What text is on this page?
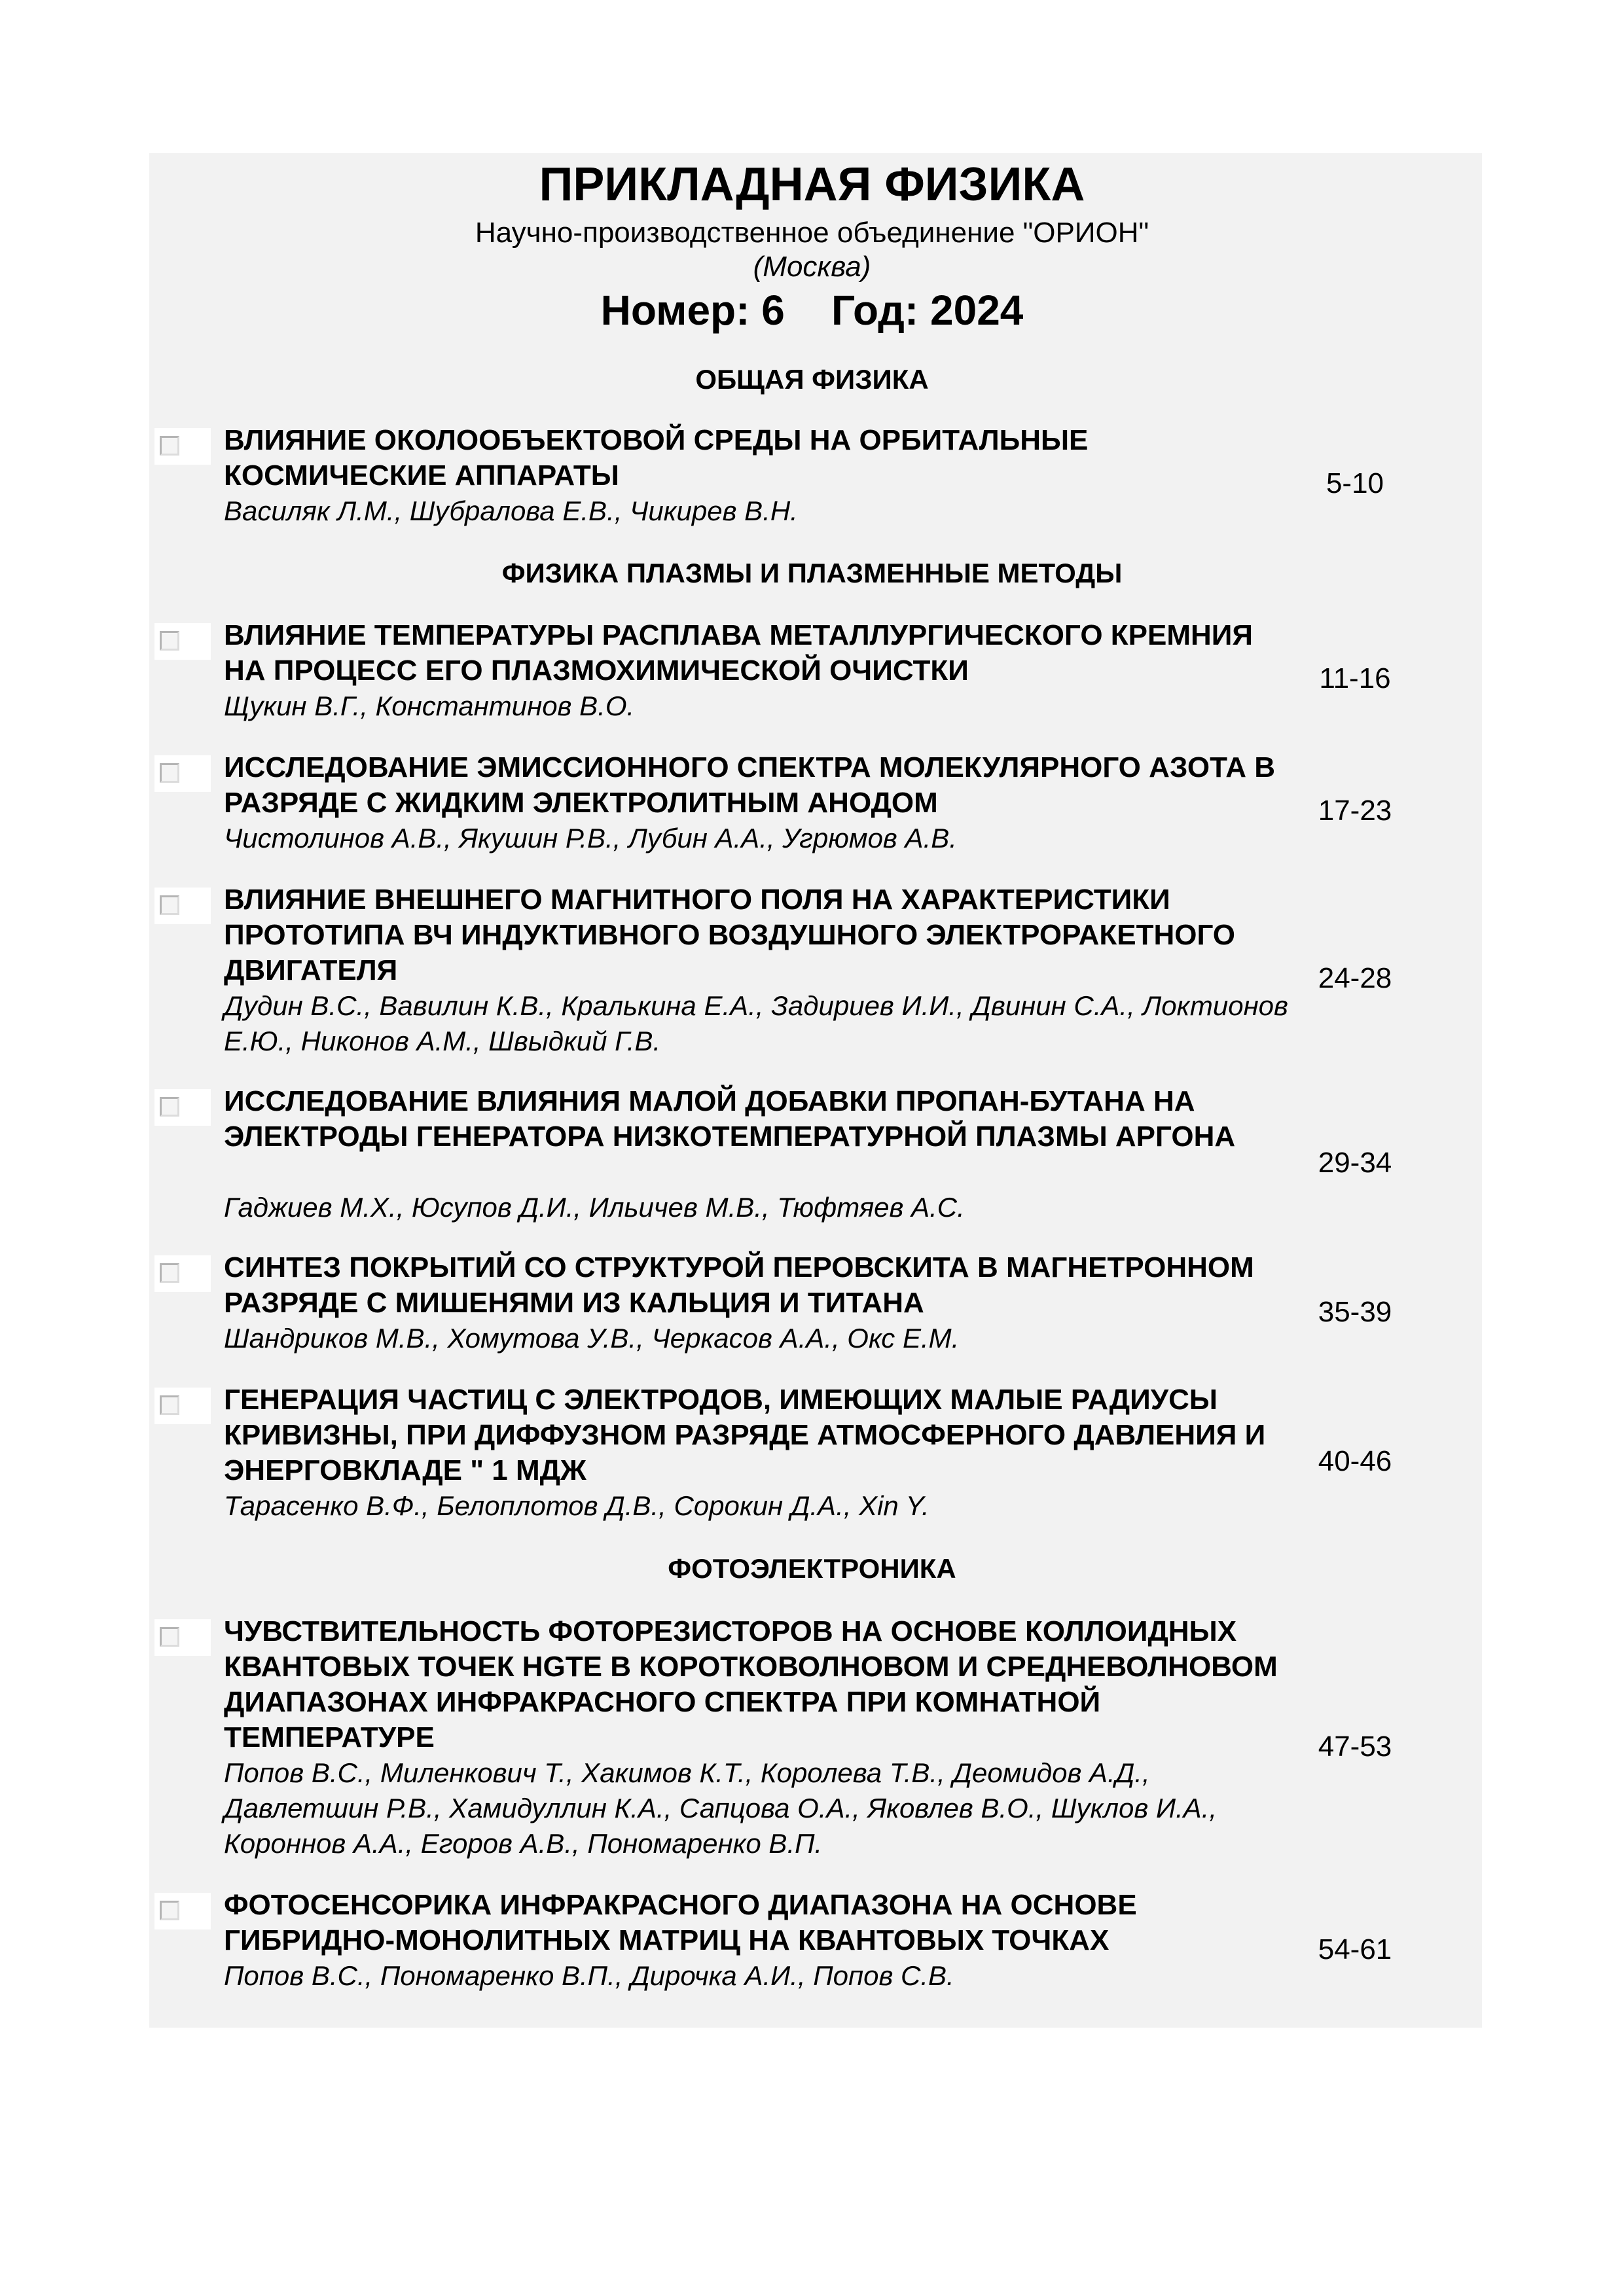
ПРИКЛАДНАЯ ФИЗИКА
Научно-производственное объединение "ОРИОН"
(Москва)
Номер: 6    Год: 2024
ОБЩАЯ ФИЗИКА
ВЛИЯНИЕ ОКОЛООБЪЕКТОВОЙ СРЕДЫ НА ОРБИТАЛЬНЫЕ КОСМИЧЕСКИЕ АППАРАТЫ
Василяк Л.М., Шубралова Е.В., Чикирев В.Н.
5-10
ФИЗИКА ПЛАЗМЫ И ПЛАЗМЕННЫЕ МЕТОДЫ
ВЛИЯНИЕ ТЕМПЕРАТУРЫ РАСПЛАВА МЕТАЛЛУРГИЧЕСКОГО КРЕМНИЯ НА ПРОЦЕСС ЕГО ПЛАЗМОХИМИЧЕСКОЙ ОЧИСТКИ
Щукин В.Г., Константинов В.О.
11-16
ИССЛЕДОВАНИЕ ЭМИССИОННОГО СПЕКТРА МОЛЕКУЛЯРНОГО АЗОТА В РАЗРЯДЕ С ЖИДКИМ ЭЛЕКТРОЛИТНЫМ АНОДОМ
Чистолинов А.В., Якушин Р.В., Лубин А.А., Угрюмов А.В.
17-23
ВЛИЯНИЕ ВНЕШНЕГО МАГНИТНОГО ПОЛЯ НА ХАРАКТЕРИСТИКИ ПРОТОТИПА ВЧ ИНДУКТИВНОГО ВОЗДУШНОГО ЭЛЕКТРОРАКЕТНОГО ДВИГАТЕЛЯ
Дудин В.С., Вавилин К.В., Кралькина Е.А., Задириев И.И., Двинин С.А., Локтионов Е.Ю., Никонов А.М., Швыдкий Г.В.
24-28
ИССЛЕДОВАНИЕ ВЛИЯНИЯ МАЛОЙ ДОБАВКИ ПРОПАН-БУТАНА НА ЭЛЕКТРОДЫ ГЕНЕРАТОРА НИЗКОТЕМПЕРАТУРНОЙ ПЛАЗМЫ АРГОНА
Гаджиев М.Х., Юсупов Д.И., Ильичев М.В., Тюфтяев А.С.
29-34
СИНТЕЗ ПОКРЫТИЙ СО СТРУКТУРОЙ ПЕРОВСКИТА В МАГНЕТРОННОМ РАЗРЯДЕ С МИШЕНЯМИ ИЗ КАЛЬЦИЯ И ТИТАНА
Шандриков М.В., Хомутова У.В., Черкасов А.А., Окс Е.М.
35-39
ГЕНЕРАЦИЯ ЧАСТИЦ С ЭЛЕКТРОДОВ, ИМЕЮЩИХ МАЛЫЕ РАДИУСЫ КРИВИЗНЫ, ПРИ ДИФФУЗНОМ РАЗРЯДЕ АТМОСФЕРНОГО ДАВЛЕНИЯ И ЭНЕРГОВКЛАДЕ " 1 МДЖ
Тарасенко В.Ф., Белоплотов Д.В., Сорокин Д.А., Xin Y.
40-46
ФОТОЭЛЕКТРОНИКА
ЧУВСТВИТЕЛЬНОСТЬ ФОТОРЕЗИСТОРОВ НА ОСНОВЕ КОЛЛОИДНЫХ КВАНТОВЫХ ТОЧЕК HGTE В КОРОТКОВОЛНОВОМ И СРЕДНЕВОЛНОВОМ ДИАПАЗОНАХ ИНФРАКРАСНОГО СПЕКТРА ПРИ КОМНАТНОЙ ТЕМПЕРАТУРЕ
Попов В.С., Миленкович Т., Хакимов К.Т., Королева Т.В., Деомидов А.Д., Давлетшин Р.В., Хамидуллин К.А., Сапцова О.А., Яковлев В.О., Шуклов И.А., Короннов А.А., Егоров А.В., Пономаренко В.П.
47-53
ФОТОСЕНСОРИКА ИНФРАКРАСНОГО ДИАПАЗОНА НА ОСНОВЕ ГИБРИДНО-МОНОЛИТНЫХ МАТРИЦ НА КВАНТОВЫХ ТОЧКАХ
Попов В.С., Пономаренко В.П., Дирочка А.И., Попов С.В.
54-61
